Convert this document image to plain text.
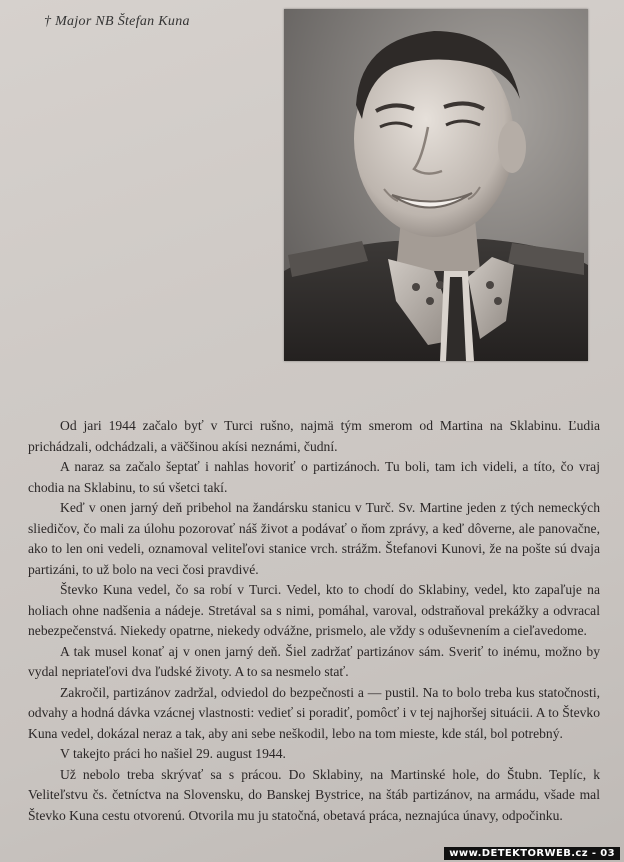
† Major NB Štefan Kuna

Od jari 1944 začalo byť v Turci rušno, najmä tým smerom od Martina na Sklabinu. Ľudia prichádzali, odchádzali, a väčšinou akísi neznámi, čudní.

A naraz sa začalo šeptať i nahlas hovoriť o partizánoch. Tu boli, tam ich videli, a títo, čo vraj chodia na Sklabinu, to sú všetci takí.

Keď v onen jarný deň pribehol na žandársku stanicu v Turč. Sv. Martine jeden z tých nemeckých sliedičov, čo mali za úlohu pozorovať náš život a podávať o ňom zprávy, a keď dôverne, ale panovačne, ako to len oni vedeli, oznamoval veliteľovi stanice vrch. strážm. Štefanovi Kunovi, že na pošte sú dvaja partizáni, to už bolo na veci čosi pravdivé.

Števko Kuna vedel, čo sa robí v Turci. Vedel, kto to chodí do Sklabiny, vedel, kto zapaľuje na holiach ohne nadšenia a nádeje. Stretával sa s nimi, pomáhal, varoval, odstraňoval prekážky a odvracal nebezpečenstvá. Niekedy opatrne, niekedy odvážne, prismelo, ale vždy s oduševnením a cieľavedome.

A tak musel konať aj v onen jarný deň. Šiel zadržať partizánov sám. Sveriť to inému, možno by vydal nepriateľovi dva ľudské životy. A to sa nesmelo stať.

Zakročil, partizánov zadržal, odviedol do bezpečnosti a — pustil. Na to bolo treba kus statočnosti, odvahy a hodná dávka vzácnej vlastnosti: vedieť si poradiť, pomôcť i v tej najhoršej situácii. A to Števko Kuna vedel, dokázal neraz a tak, aby ani sebe neškodil, lebo na tom mieste, kde stál, bol potrebný.

V takejto práci ho našiel 29. august 1944.

Už nebolo treba skrývať sa s prácou. Do Sklabiny, na Martinské hole, do Štubn. Teplíc, k Veliteľstvu čs. četníctva na Slovensku, do Banskej Bystrice, na štáb partizánov, na armádu, všade mal Števko Kuna cestu otvorenú. Otvorila mu ju statočná, obetavá práca, neznajúca únavy, odpočinku.

www.DETEKTORWEB.cz - 03
